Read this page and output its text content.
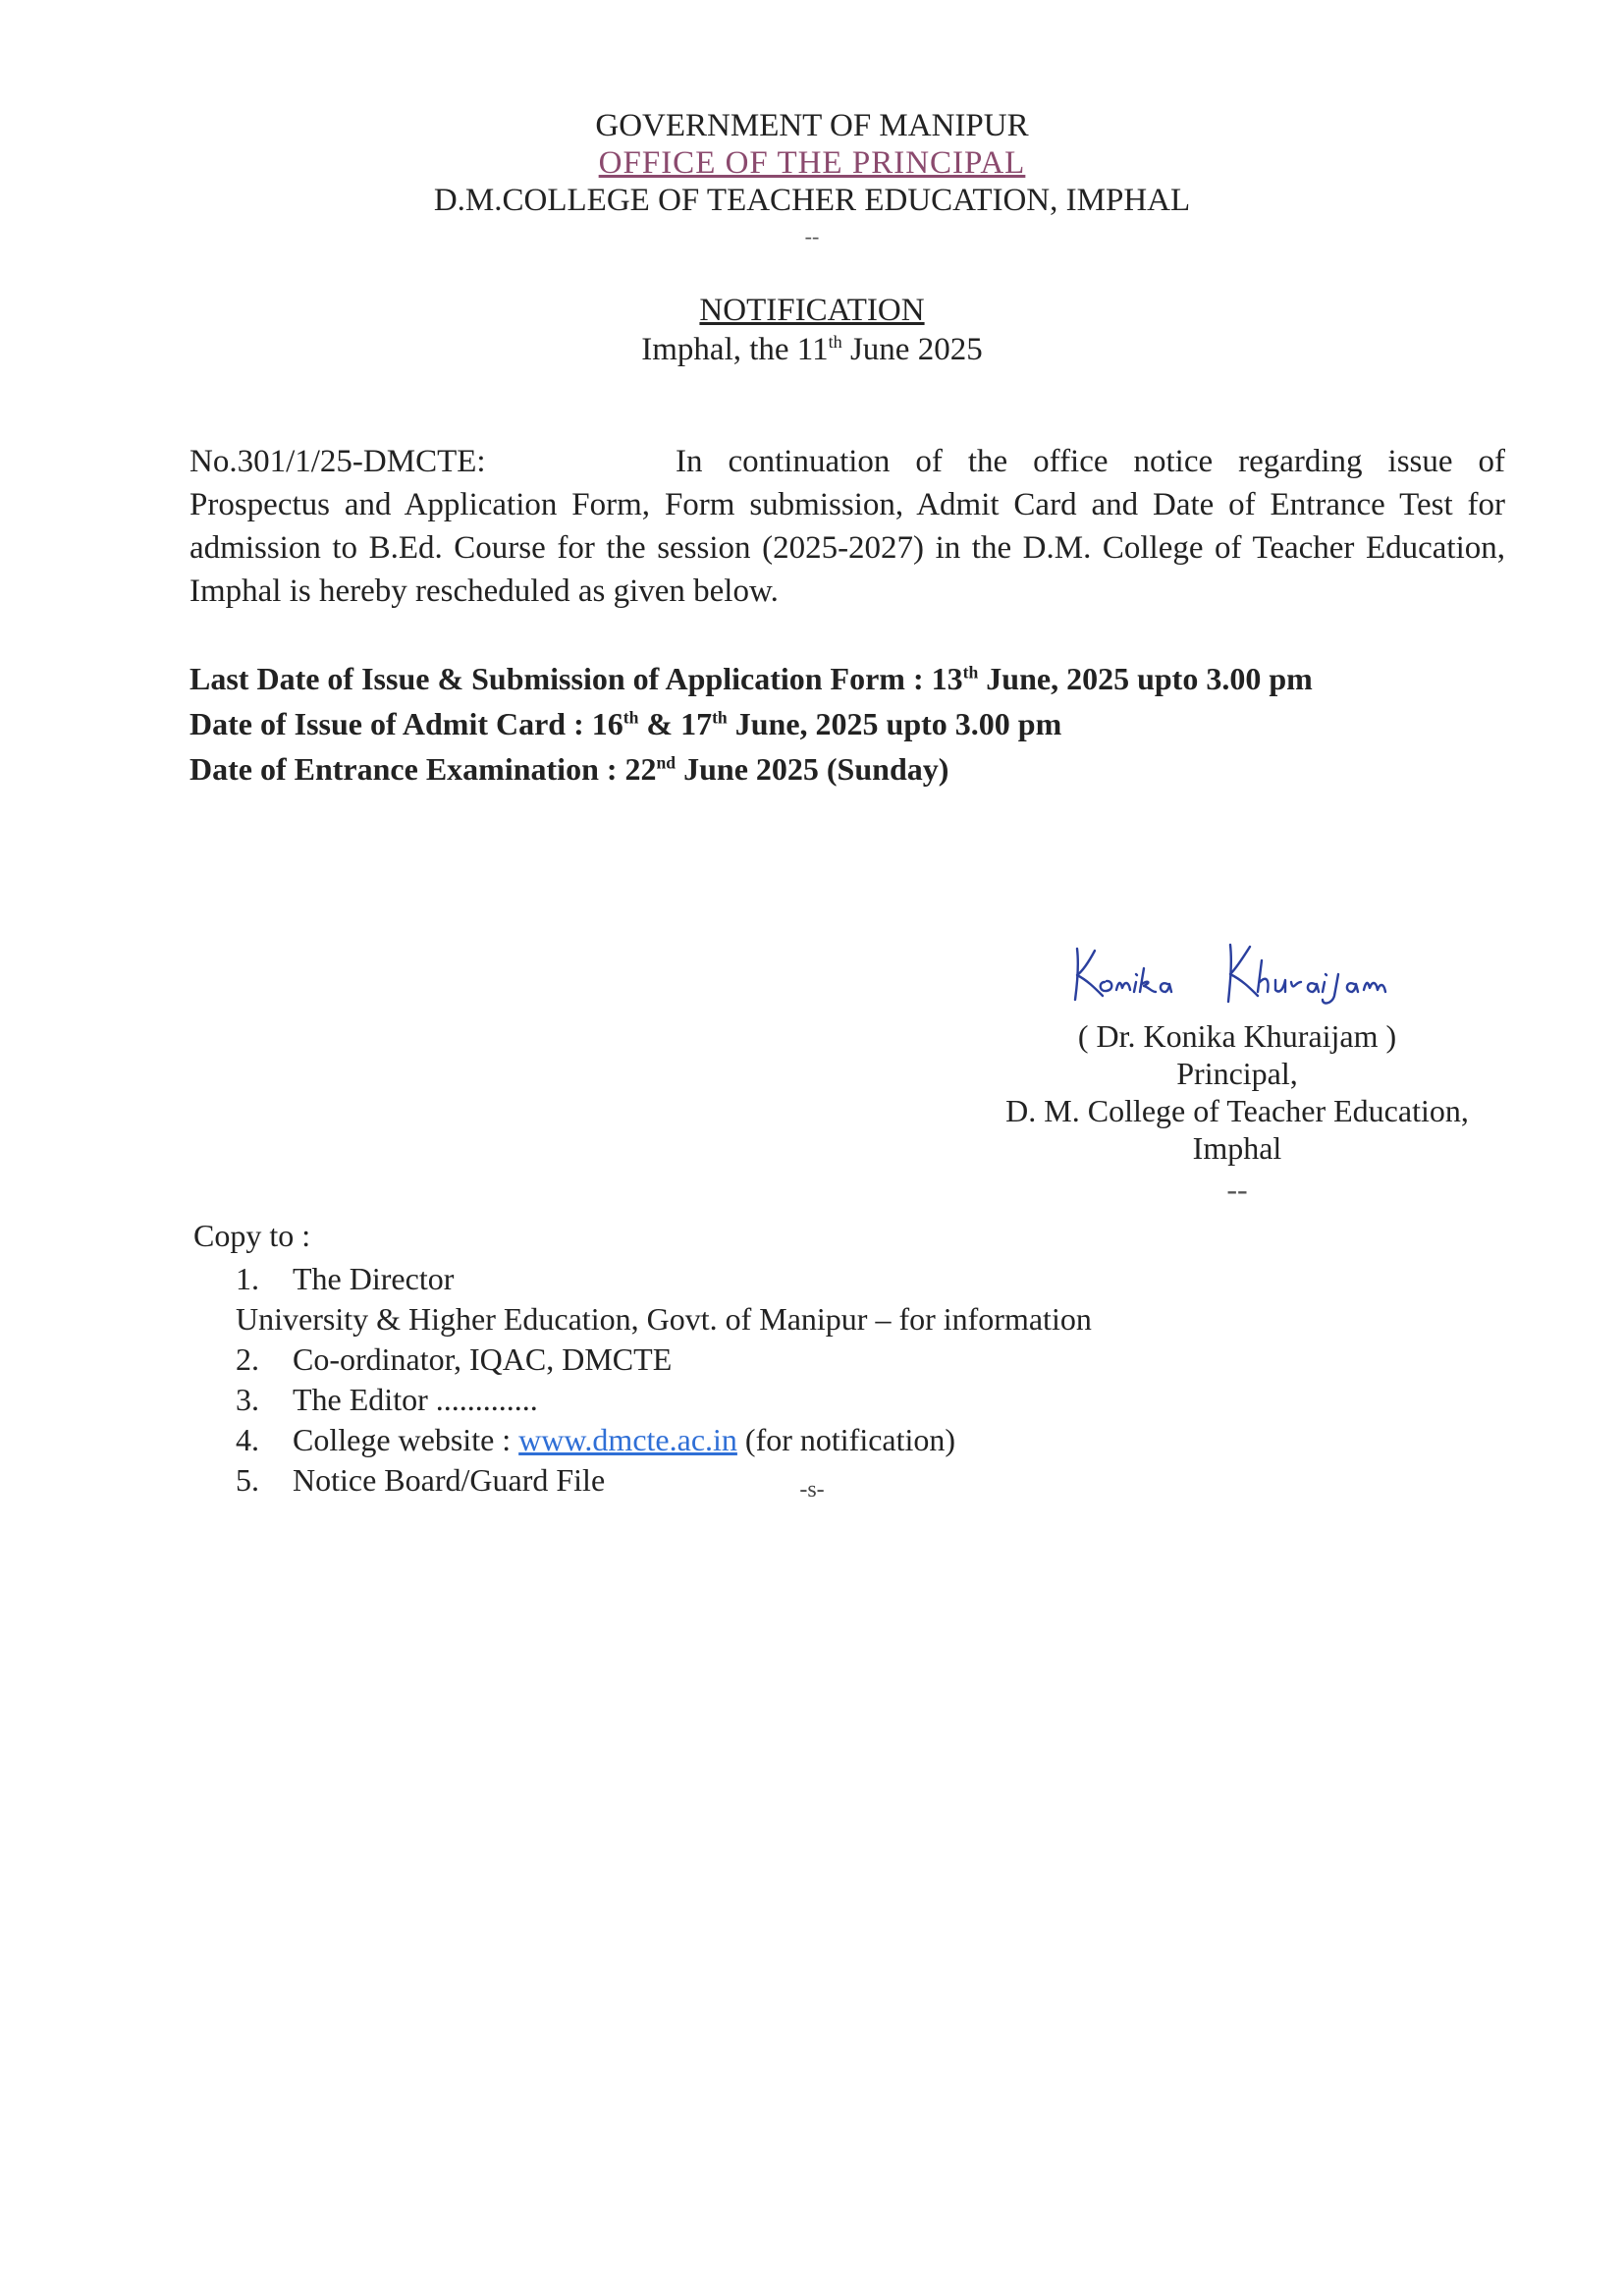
GOVERNMENT OF MANIPUR
OFFICE OF THE PRINCIPAL
D.M.COLLEGE OF TEACHER EDUCATION, IMPHAL
--
NOTIFICATION
Imphal, the 11th June 2025
No.301/1/25-DMCTE:	In continuation of the office notice regarding issue of Prospectus and Application Form, Form submission, Admit Card and Date of Entrance Test for admission to B.Ed. Course for the session (2025-2027) in the D.M. College of Teacher Education, Imphal is hereby rescheduled as given below.
Last Date of Issue & Submission of Application Form : 13th June, 2025 upto 3.00 pm
Date of Issue of Admit Card : 16th & 17th June, 2025 upto 3.00 pm
Date of Entrance Examination : 22nd June 2025 (Sunday)
( Dr. Konika Khuraijam )
Principal,
D. M. College of Teacher Education,
Imphal
--
Copy to :
1.	The Director
University & Higher Education, Govt. of Manipur – for information
2.	Co-ordinator, IQAC, DMCTE
3.	The Editor .............
4.	College website : www.dmcte.ac.in (for notification)
5.	Notice Board/Guard File	-s-
